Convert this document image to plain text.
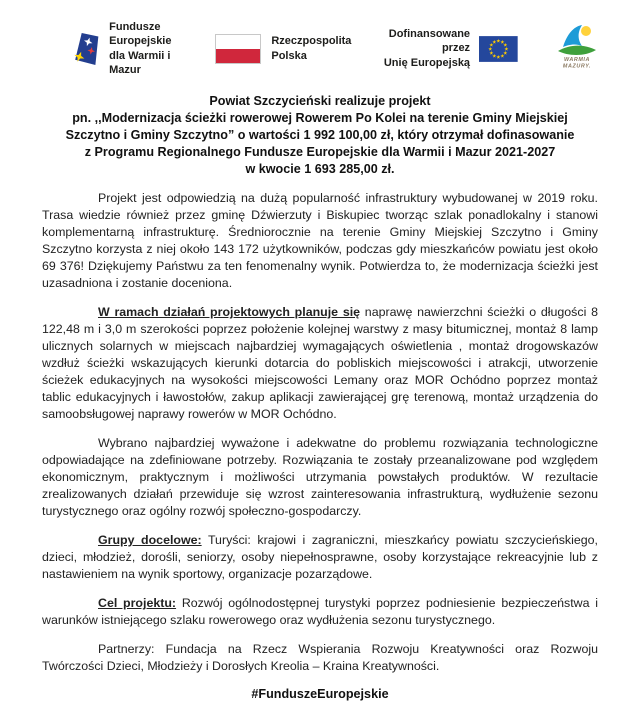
Fundusze Europejskie
dla Warmii i Mazur
Rzeczpospolita
Polska
Dofinansowane przez
Unię Europejską	WARMIA
MAZURY.
Powiat Szczycieński realizuje projekt
pn. ,,Modernizacja ścieżki rowerowej Rowerem Po Kolei na terenie Gminy Miejskiej
Szczytno i Gminy Szczytno” o wartości 1 992 100,00 zł, który otrzymał dofinasowanie
z Programu Regionalnego Fundusze Europejskie dla Warmii i Mazur 2021-2027
w kwocie 1 693 285,00 zł.

Projekt jest odpowiedzią na dużą popularność infrastruktury wybudowanej w 2019 roku. Trasa wiedzie również przez gminę Dźwierzuty i Biskupiec tworząc szlak ponadlokalny i stanowi komplementarną infrastrukturę. Średniorocznie na terenie Gminy Miejskiej Szczytno i Gminy Szczytno korzysta z niej około 143 172 użytkowników, podczas gdy mieszkańców powiatu jest około 69 376! Dziękujemy Państwu za ten fenomenalny wynik. Potwierdza to, że modernizacja ścieżki jest uzasadniona i zostanie doceniona.

W ramach działań projektowych planuje się naprawę nawierzchni ścieżki o długości 8 122,48 m i 3,0 m szerokości poprzez położenie kolejnej warstwy z masy bitumicznej, montaż 8 lamp ulicznych solarnych w miejscach najbardziej wymagających oświetlenia , montaż drogowskazów wzdłuż ścieżki wskazujących kierunki dotarcia do pobliskich miejscowości i atrakcji, utworzenie ścieżek edukacyjnych na wysokości miejscowości Lemany oraz MOR Ochódno poprzez montaż tablic edukacyjnych i ławostołów, zakup aplikacji zawierającej grę terenową, montaż urządzenia do samoobsługowej naprawy rowerów w MOR Ochódno.

Wybrano najbardziej wyważone i adekwatne do problemu rozwiązania technologiczne odpowiadające na zdefiniowane potrzeby. Rozwiązania te zostały przeanalizowane pod względem ekonomicznym, praktycznym i możliwości utrzymania powstałych produktów. W rezultacie zrealizowanych działań przewiduje się wzrost zainteresowania infrastrukturą, wydłużenie sezonu turystycznego oraz ogólny rozwój społeczno-gospodarczy.

Grupy docelowe: Turyści: krajowi i zagraniczni, mieszkańcy powiatu szczycieńskiego, dzieci, młodzież, dorośli, seniorzy, osoby niepełnosprawne, osoby korzystające rekreacyjnie lub z nastawieniem na wynik sportowy, organizacje pozarządowe.

Cel projektu: Rozwój ogólnodostępnej turystyki poprzez podniesienie bezpieczeństwa i warunków istniejącego szlaku rowerowego oraz wydłużenia sezonu turystycznego.

Partnerzy: Fundacja na Rzecz Wspierania Rozwoju Kreatywności oraz Rozwoju Twórczości Dzieci, Młodzieży i Dorosłych Kreolia – Kraina Kreatywności.

#FunduszeEuropejskie
